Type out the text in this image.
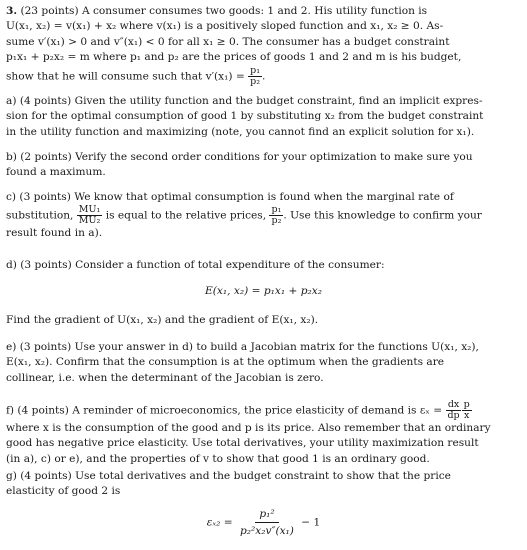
3. (23 points) A consumer consumes two goods: 1 and 2. His utility function is
U(x₁, x₂) = v(x₁) + x₂ where v(x₁) is a positively sloped function and x₁, x₂ ≥ 0. As-
sume v′(x₁) > 0 and v″(x₁) < 0 for all x₁ ≥ 0. The consumer has a budget constraint
p₁x₁ + p₂x₂ = m where p₁ and p₂ are the prices of goods 1 and 2 and m is his budget,
show that he will consume such that $v'(x_1) = \frac{\text{p₁}}{\text{p₂}}$ .
a) (4 points) Given the utility function and the budget constraint, find an implicit expres-
sion for the optimal consumption of good 1 by substituting x₂ from the budget constraint
in the utility function and maximizing (note, you cannot find an explicit solution for x₁).
b) (2 points) Verify the second order conditions for your optimization to make sure you
found a maximum.
c) (3 points) We know that optimal consumption is found when the marginal rate of
substitution, $\frac{\text{MU₁}}{\text{MU₂}}$ is equal to the relative prices, $\frac{\text{p₁}}{\text{p₂}}$ . Use this knowledge to confirm your
result found in a).
d) (3 points) Consider a function of total expenditure of the consumer:
E(x₁, x₂) = p₁x₁ + p₂x₂
Find the gradient of U(x₁, x₂) and the gradient of E(x₁, x₂).
e) (3 points) Use your answer in d) to build a Jacobian matrix for the functions U(x₁, x₂),
E(x₁, x₂). Confirm that the consumption is at the optimum when the gradients are
collinear, i.e. when the determinant of the Jacobian is zero.
f) (4 points) A reminder of microeconomics, the price elasticity of demand is $\varepsilon_x = \frac{dx}{dp} \frac{p}{x}$
where x is the consumption of the good and p is its price. Also remember that an ordinary
good has negative price elasticity. Use total derivatives, your utility maximization result
(in a), c) or e), and the properties of v to show that good 1 is an ordinary good.
g) (4 points) Use total derivatives and the budget constraint to show that the price
elasticity of good 2 is
$\varepsilon_{x2} = \frac{\text{p₁²}}{\text{p₂²x₂v″(x₁)}} - 1$
